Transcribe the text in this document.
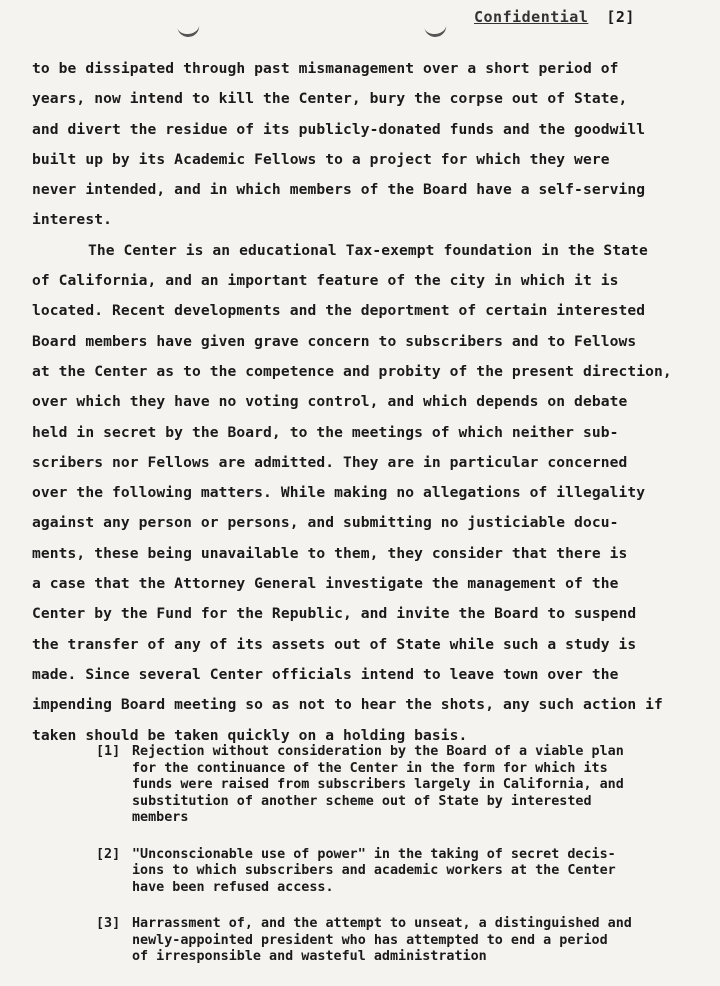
Confidential [2]
to be dissipated through past mismanagement over a short period of
years, now intend to kill the Center, bury the corpse out of State,
and divert the residue of its publicly-donated funds and the goodwill
built up by its Academic Fellows to a project for which they were
never intended, and in which members of the Board have a self-serving
interest.
The Center is an educational Tax-exempt foundation in the State
of California, and an important feature of the city in which it is
located. Recent developments and the deportment of certain interested
Board members have given grave concern to subscribers and to Fellows
at the Center as to the competence and probity of the present direction,
over which they have no voting control, and which depends on debate
held in secret by the Board, to the meetings of which neither sub-
scribers nor Fellows are admitted. They are in particular concerned
over the following matters. While making no allegations of illegality
against any person or persons, and submitting no justiciable docu-
ments, these being unavailable to them, they consider that there is
a case that the Attorney General investigate the management of the
Center by the Fund for the Republic, and invite the Board to suspend
the transfer of any of its assets out of State while such a study is
made. Since several Center officials intend to leave town over the
impending Board meeting so as not to hear the shots, any such action if
taken should be taken quickly on a holding basis.
[1] Rejection without consideration by the Board of a viable plan
for the continuance of the Center in the form for which its
funds were raised from subscribers largely in California, and
substitution of another scheme out of State by interested
members
[2] "Unconscionable use of power" in the taking of secret decis-
ions to which subscribers and academic workers at the Center
have been refused access.
[3] Harrassment of, and the attempt to unseat, a distinguished and
newly-appointed president who has attempted to end a period
of irresponsible and wasteful administration
